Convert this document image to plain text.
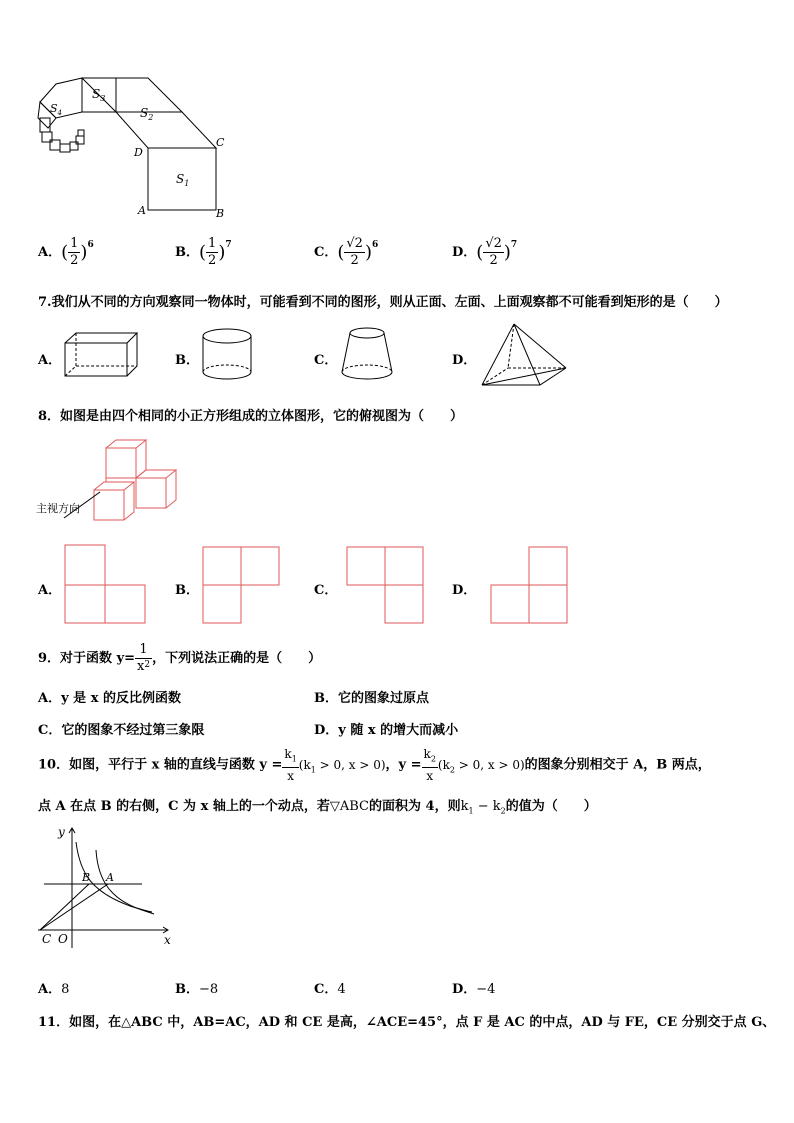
$S_1$
$S_2$
$S_3$
$S_4$
A	B
C
D
A．( $\frac{1}{2} )^6$	B．( $\frac{1}{2} )^7$	C．( $\frac{√2}{2} )^6$	D．( $\frac{√2}{2} )^7$
7.我们从不同的方向观察同一物体时，可能看到不同的图形，则从正面、左面、上面观察都不可能看到矩形的是（　　）
A．	B．	C．	D．
8．如图是由四个相同的小正方形组成的立体图形，它的俯视图为（　　）
主视方向
A．	B．	C．	D．
9．对于函数 $y= \frac{1}{x^2}$ ，下列说法正确的是（　　）
A．y 是 x 的反比例函数	B．它的图象过原点
C．它的图象不经过第三象限	D．y 随 x 的增大而减小
10．如图，平行于 x 轴的直线与函数 $y = \frac{k_1}{x} (k_1 > 0$, x > 0)，$y = \frac{k_2}{x} (k_2 > 0$, x > 0)的图象分别相交于 A，B 两点，
点 A 在点 B 的右侧，C 为 x 轴上的一个动点，若▽ABC的面积为 4，则$k_1 - k_2$的值为（　　）
y
x
O
C
B A
A．8	B．−8	C．4	D．−4
11．如图，在△ABC 中，AB=AC，AD 和 CE 是高，∠ACE=45°，点 F 是 AC 的中点，AD 与 FE，CE 分别交于点 G、
